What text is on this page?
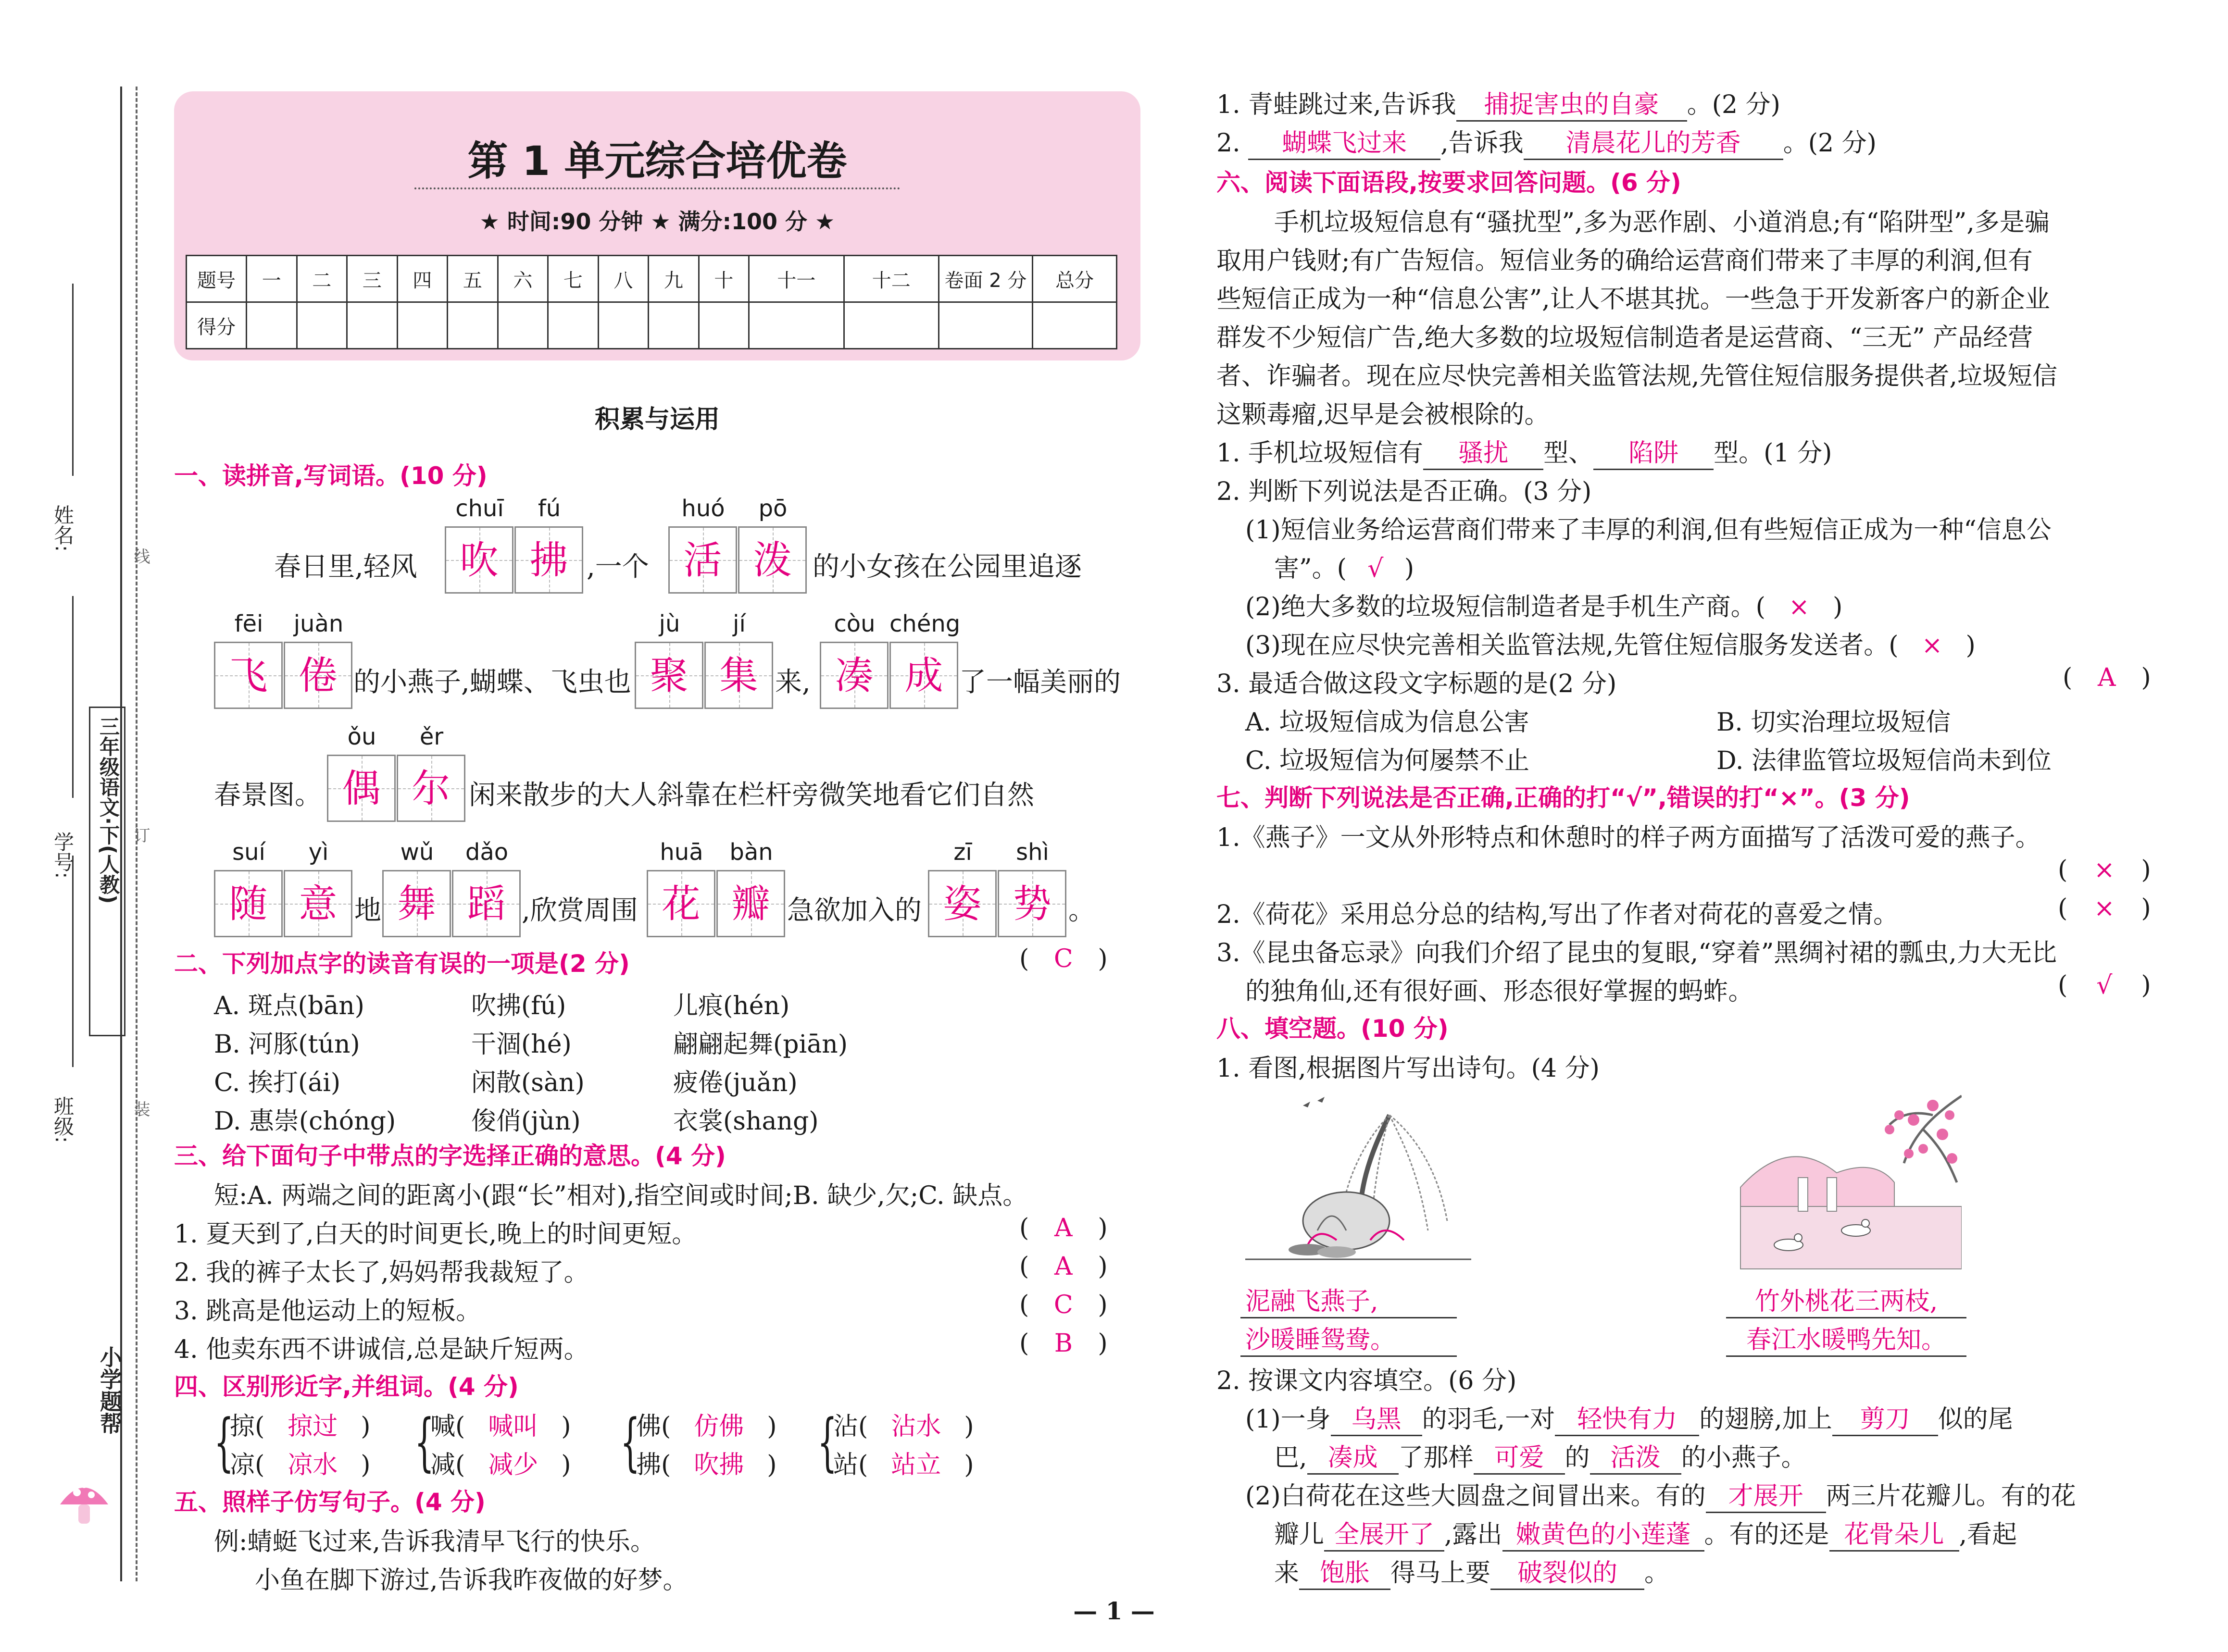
姓名:
学号:
班级:
三年级语文·下(人教)
线
订
装
小学题帮
第 1 单元综合培优卷
★ 时间:90 分钟 ★ 满分:100 分 ★
题号	一	二	三	四	五	六	七	八	九	十	十一	十二	卷面 2 分	总分
得分														
积累与运用
一、读拼音,写词语。(10 分)
chuī	fú	huó	pō
春日里,轻风	吹 拂 ,一个 活 泼 的小女孩在公园里追逐
fēi	juàn	jù	jí	còu chéng
飞 倦 的小燕子,蝴蝶、飞虫也 聚 集 来, 凑 成 了一幅美丽的
ǒu	ěr
春景图。 偶 尔 闲来散步的大人斜靠在栏杆旁微笑地看它们自然
suí	yì	wǔ	dǎo	huā	bàn	zī	shì
随 意 地 舞 蹈 ,欣赏周围 花 瓣 急欲加入的 姿 势 。
二、下列加点字的读音有误的一项是(2 分)	( C )
A. 斑点(bān)	吹拂(fú)	儿痕(hén)
B. 河豚(tún)	干涸(hé)	翩翩起舞(piān)
C. 挨打(ái)	闲散(sàn)	疲倦(juǎn)
D. 惠崇(chóng)	俊俏(jùn)	衣裳(shang)
三、给下面句子中带点的字选择正确的意思。(4 分)
短:A. 两端之间的距离小(跟“长”相对),指空间或时间;B. 缺少,欠;C. 缺点。
1. 夏天到了,白天的时间更长,晚上的时间更短。	( A )
2. 我的裤子太长了,妈妈帮我裁短了。	( A )
3. 跳高是他运动上的短板。	( C )
4. 他卖东西不讲诚信,总是缺斤短两。	( B )
四、区别形近字,并组词。(4 分)
{	{	{	{
掠( 掠过 )
凉( 凉水 )
喊( 喊叫 )
减( 减少 )
佛( 仿佛 )
拂( 吹拂 )
沾( 沾水 )
站( 站立 )
五、照样子仿写句子。(4 分)
例:蜻蜓飞过来,告诉我清早飞行的快乐。
小鱼在脚下游过,告诉我昨夜做的好梦。
1. 青蛙跳过来,告诉我 捕捉害虫的自豪 。(2 分)
2. 蝴蝶飞过来 ,告诉我 清晨花儿的芳香 。(2 分)
六、阅读下面语段,按要求回答问题。(6 分)
手机垃圾短信息有“骚扰型”,多为恶作剧、小道消息;有“陷阱型”,多是骗
取用户钱财;有广告短信。短信业务的确给运营商们带来了丰厚的利润,但有
些短信正成为一种“信息公害”,让人不堪其扰。一些急于开发新客户的新企业
群发不少短信广告,绝大多数的垃圾短信制造者是运营商、“三无” 产品经营
者、诈骗者。现在应尽快完善相关监管法规,先管住短信服务提供者,垃圾短信
这颗毒瘤,迟早是会被根除的。
1. 手机垃圾短信有 骚扰 型、 陷阱 型。(1 分)
2. 判断下列说法是否正确。(3 分)
(1)短信业务给运营商们带来了丰厚的利润,但有些短信正成为一种“信息公
害”。( √ )
(2)绝大多数的垃圾短信制造者是手机生产商。( × )
(3)现在应尽快完善相关监管法规,先管住短信服务发送者。( × )
3. 最适合做这段文字标题的是(2 分)	( A )
A. 垃圾短信成为信息公害	B. 切实治理垃圾短信
C. 垃圾短信为何屡禁不止	D. 法律监管垃圾短信尚未到位
七、判断下列说法是否正确,正确的打“√”,错误的打“×”。(3 分)
1.《燕子》一文从外形特点和休憩时的样子两方面描写了活泼可爱的燕子。
( × )
2.《荷花》采用总分总的结构,写出了作者对荷花的喜爱之情。	( × )
3.《昆虫备忘录》向我们介绍了昆虫的复眼,“穿着”黑绸衬裙的瓢虫,力大无比
的独角仙,还有很好画、形态很好掌握的蚂蚱。	( √ )
八、填空题。(10 分)
1. 看图,根据图片写出诗句。(4 分)
泥融飞燕子,
沙暖睡鸳鸯。
竹外桃花三两枝,
春江水暖鸭先知。
2. 按课文内容填空。(6 分)
(1)一身 乌黑 的羽毛,一对 轻快有力 的翅膀,加上 剪刀 似的尾
巴, 凑成 了那样 可爱 的 活泼 的小燕子。
(2)白荷花在这些大圆盘之间冒出来。有的 才展开 两三片花瓣儿。有的花
瓣儿 全展开了 ,露出 嫩黄色的小莲蓬 。有的还是 花骨朵儿 ,看起
来 饱胀 得马上要 破裂似的 。
— 1 —
